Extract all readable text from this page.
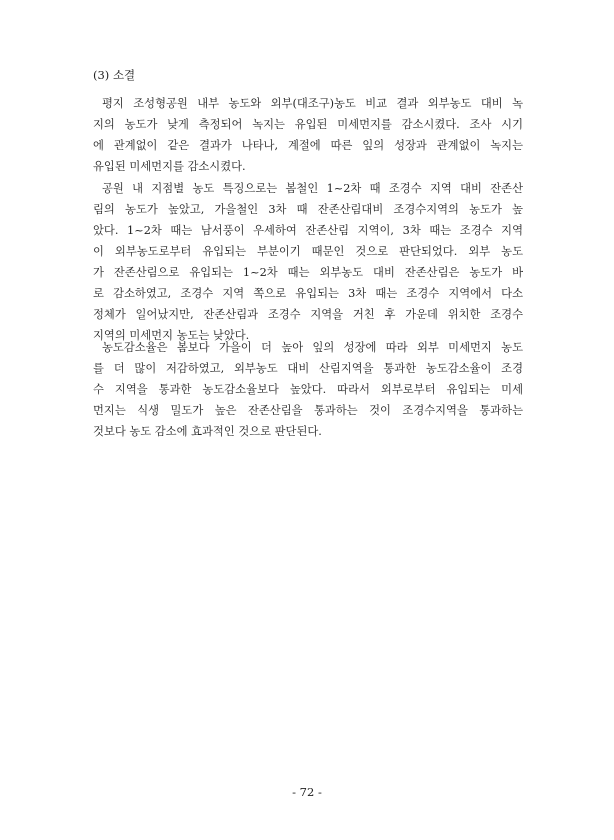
(3) 소결
평지 조성형공원 내부 농도와 외부(대조구)농도 비교 결과 외부농도 대비 녹
지의 농도가 낮게 측정되어 녹지는 유입된 미세먼지를 감소시켰다. 조사 시기
에 관계없이 같은 결과가 나타나, 계절에 따른 잎의 성장과 관계없이 녹지는
유입된 미세먼지를 감소시켰다.
공원 내 지점별 농도 특징으로는 봄철인 1~2차 때 조경수 지역 대비 잔존산
림의 농도가 높았고, 가을철인 3차 때 잔존산림대비 조경수지역의 농도가 높
았다. 1~2차 때는 남서풍이 우세하여 잔존산림 지역이, 3차 때는 조경수 지역
이 외부농도로부터 유입되는 부분이기 때문인 것으로 판단되었다. 외부 농도
가 잔존산림으로 유입되는 1~2차 때는 외부농도 대비 잔존산림은 농도가 바
로 감소하였고, 조경수 지역 쪽으로 유입되는 3차 때는 조경수 지역에서 다소
정체가 일어났지만, 잔존산림과 조경수 지역을 거친 후 가운데 위치한 조경수
지역의 미세먼지 농도는 낮았다.
농도감소율은 봄보다 가을이 더 높아 잎의 성장에 따라 외부 미세먼지 농도
를 더 많이 저감하였고, 외부농도 대비 산림지역을 통과한 농도감소율이 조경
수 지역을 통과한 농도감소율보다 높았다. 따라서 외부로부터 유입되는 미세
먼지는 식생 밀도가 높은 잔존산림을 통과하는 것이 조경수지역을 통과하는
것보다 농도 감소에 효과적인 것으로 판단된다.
- 72 -
